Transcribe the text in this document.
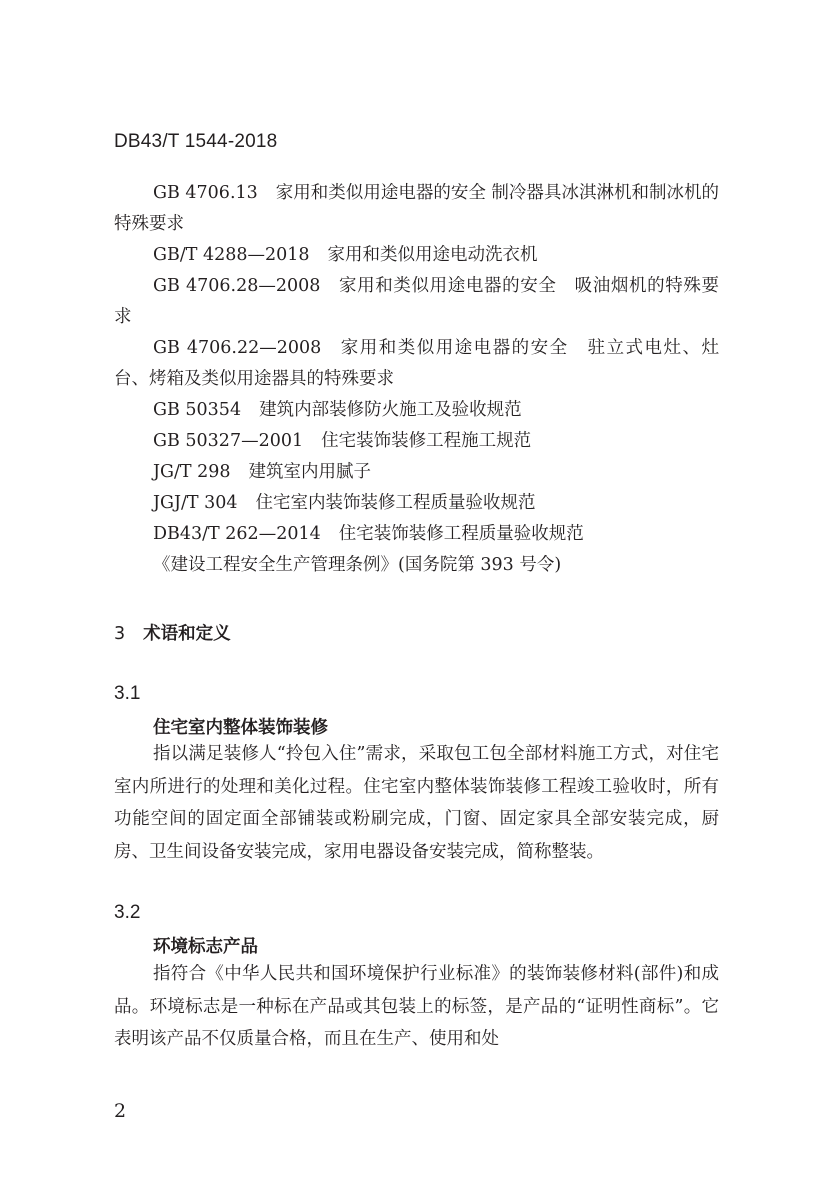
DB43/T 1544-2018

GB 4706.13 家用和类似用途电器的安全 制冷器具冰淇淋机和制冰机的特殊要求

GB/T 4288—2018 家用和类似用途电动洗衣机

GB 4706.28—2008 家用和类似用途电器的安全　吸油烟机的特殊要求

GB 4706.22—2008 家用和类似用途电器的安全　驻立式电灶、灶台、烤箱及类似用途器具的特殊要求

GB 50354 建筑内部装修防火施工及验收规范

GB 50327—2001 住宅装饰装修工程施工规范

JG/T 298 建筑室内用腻子

JGJ/T 304 住宅室内装饰装修工程质量验收规范

DB43/T 262—2014 住宅装饰装修工程质量验收规范

《建设工程安全生产管理条例》(国务院第 393 号令)

3 术语和定义
3.1
住宅室内整体装饰装修

指以满足装修人“拎包入住”需求，采取包工包全部材料施工方式，对住宅室内所进行的处理和美化过程。住宅室内整体装饰装修工程竣工验收时，所有功能空间的固定面全部铺装或粉刷完成，门窗、固定家具全部安装完成，厨房、卫生间设备安装完成，家用电器设备安装完成，简称整装。

3.2
环境标志产品

指符合《中华人民共和国环境保护行业标准》的装饰装修材料(部件)和成品。环境标志是一种标在产品或其包装上的标签，是产品的“证明性商标”。它表明该产品不仅质量合格，而且在生产、使用和处

2
